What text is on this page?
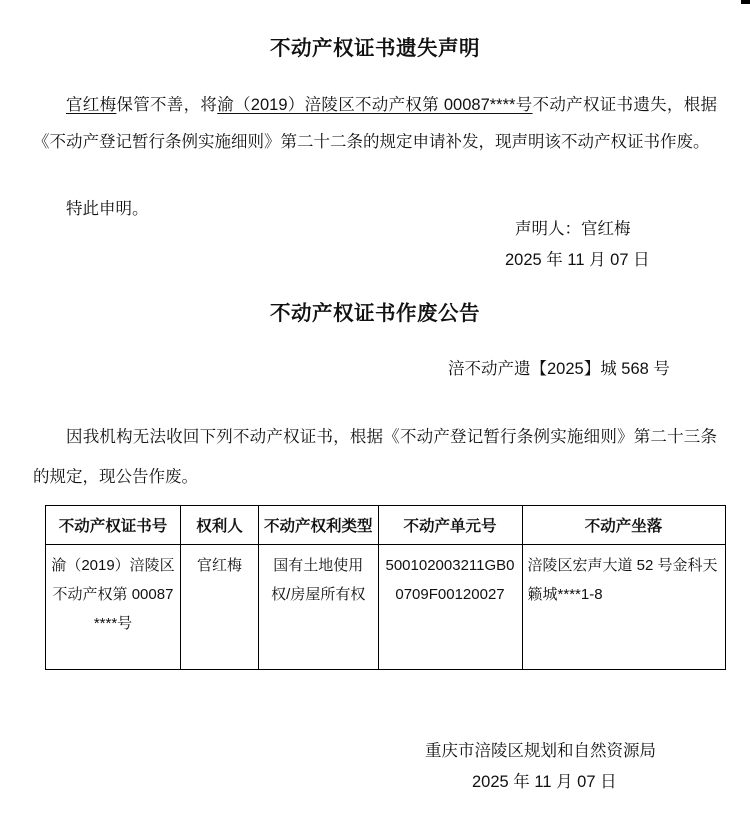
不动产权证书遗失声明
官红梅保管不善，将渝（2019）涪陵区不动产权第 00087****号不动产权证书遗失，根据《不动产登记暂行条例实施细则》第二十二条的规定申请补发，现声明该不动产权证书作废。
特此申明。
声明人：官红梅
2025 年 11 月 07 日
不动产权证书作废公告
涪不动产遗【2025】城 568 号
因我机构无法收回下列不动产权证书，根据《不动产登记暂行条例实施细则》第二十三条的规定，现公告作废。
不动产权证书号	权利人	不动产权利类型	不动产单元号	不动产坐落
渝（2019）涪陵区不动产权第 00087****号	官红梅	国有土地使用权/房屋所有权	500102003211GB00709F00120027	涪陵区宏声大道 52 号金科天籁城****1-8
重庆市涪陵区规划和自然资源局
2025 年 11 月 07 日
